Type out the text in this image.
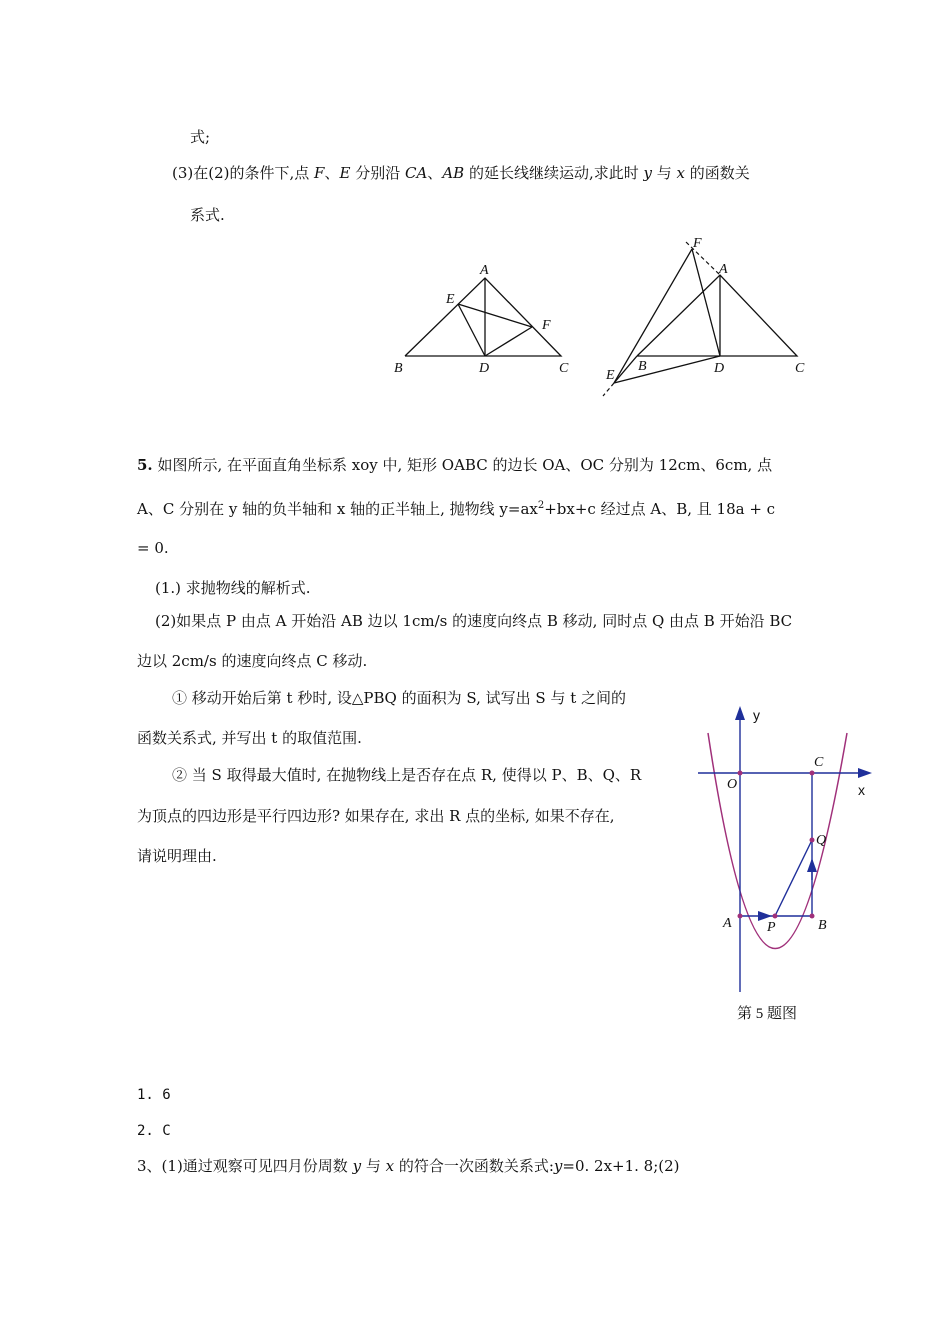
式;
(3)在(2)的条件下,点 F、E 分别沿 CA、AB 的延长线继续运动,求此时 y 与 x 的函数关
系式.
A
E
F
B	D	C
F
A
B	D	C
E
5. 如图所示, 在平面直角坐标系 xoy 中, 矩形 OABC 的边长 OA、OC 分别为 12cm、6cm, 点
A、C 分别在 y 轴的负半轴和 x 轴的正半轴上, 抛物线 $y=ax^2+bx+c$ 经过点 A、B, 且 18a + c
= 0.
(1.) 求抛物线的解析式.
(2)如果点 P 由点 A 开始沿 AB 边以 1cm/s 的速度向终点 B 移动, 同时点 Q 由点 B 开始沿 BC
边以 2cm/s 的速度向终点 C 移动.
① 移动开始后第 t 秒时, 设△PBQ 的面积为 S, 试写出 S 与 t 之间的
函数关系式, 并写出 t 的取值范围.
② 当 S 取得最大值时, 在抛物线上是否存在点 R, 使得以 P、B、Q、R
为顶点的四边形是平行四边形? 如果存在, 求出 R 点的坐标, 如果不存在,
请说明理由.
y
x
O
C
Q
A	P	B
第 5 题图
1. 6
2. C
3、(1)通过观察可见四月份周数 y 与 x 的符合一次函数关系式:y=0. 2x+1. 8;(2)
